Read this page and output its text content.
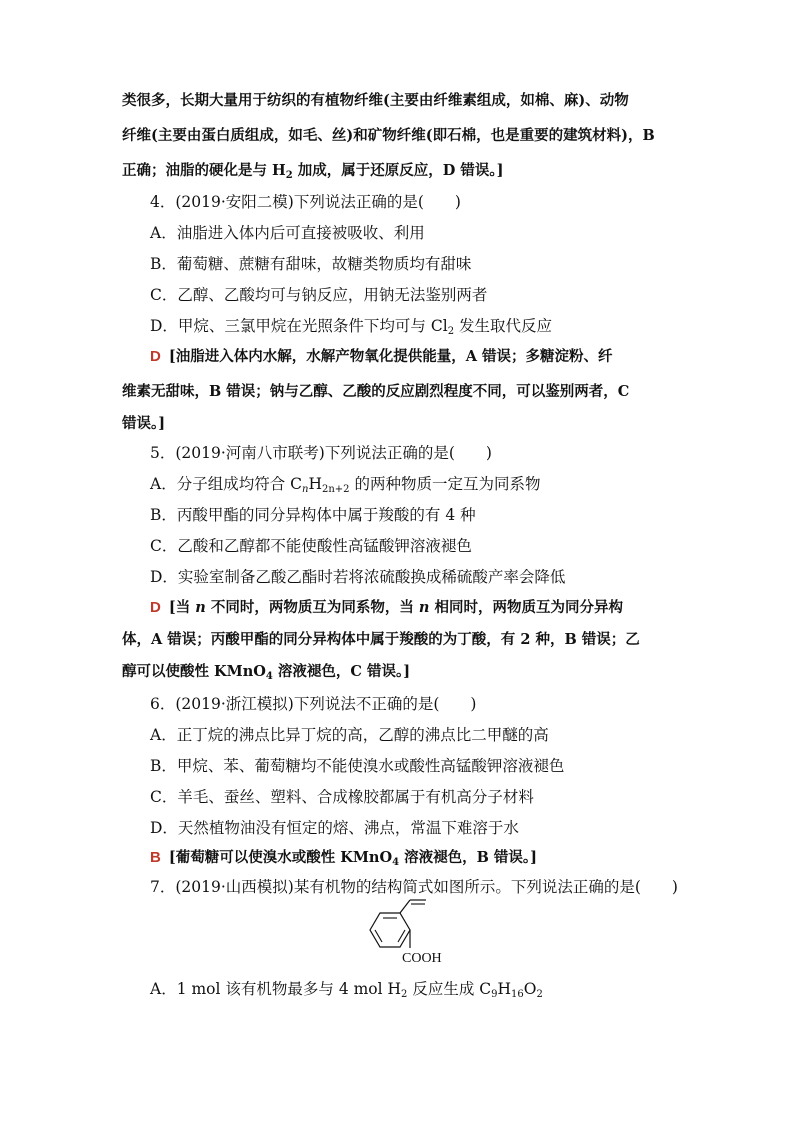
COOH
类很多，长期大量用于纺织的有植物纤维(主要由纤维素组成，如棉、麻)、动物
纤维(主要由蛋白质组成，如毛、丝)和矿物纤维(即石棉，也是重要的建筑材料)，B
正确；油脂的硬化是与 $H_2$ 加成，属于还原反应，D 错误。]
4．(2019·安阳二模)下列说法正确的是(　　)
A．油脂进入体内后可直接被吸收、利用
B．葡萄糖、蔗糖有甜味，故糖类物质均有甜味
C．乙醇、乙酸均可与钠反应，用钠无法鉴别两者
D．甲烷、三氯甲烷在光照条件下均可与 $Cl_2$ 发生取代反应
D [油脂进入体内水解，水解产物氧化提供能量，A 错误；多糖淀粉、纤
维素无甜味，B 错误；钠与乙醇、乙酸的反应剧烈程度不同，可以鉴别两者，C
错误。]
5．(2019·河南八市联考)下列说法正确的是(　　)
A．分子组成均符合 $C_nH_{2n+2}$ 的两种物质一定互为同系物
B．丙酸甲酯的同分异构体中属于羧酸的有 4 种
C．乙酸和乙醇都不能使酸性高锰酸钾溶液褪色
D．实验室制备乙酸乙酯时若将浓硫酸换成稀硫酸产率会降低
D [当 n 不同时，两物质互为同系物，当 n 相同时，两物质互为同分异构
体，A 错误；丙酸甲酯的同分异构体中属于羧酸的为丁酸，有 2 种，B 错误；乙
醇可以使酸性 KMnO$_4$ 溶液褪色，C 错误。]
6．(2019·浙江模拟)下列说法不正确的是(　　)
A．正丁烷的沸点比异丁烷的高，乙醇的沸点比二甲醚的高
B．甲烷、苯、葡萄糖均不能使溴水或酸性高锰酸钾溶液褪色
C．羊毛、蚕丝、塑料、合成橡胶都属于有机高分子材料
D．天然植物油没有恒定的熔、沸点，常温下难溶于水
B [葡萄糖可以使溴水或酸性 KMnO$_4$ 溶液褪色，B 错误。]
7．(2019·山西模拟)某有机物的结构简式如图所示。下列说法正确的是(　　)
A．1 mol 该有机物最多与 4 mol $H_2$ 反应生成 $C_9H_{16}O_2$
